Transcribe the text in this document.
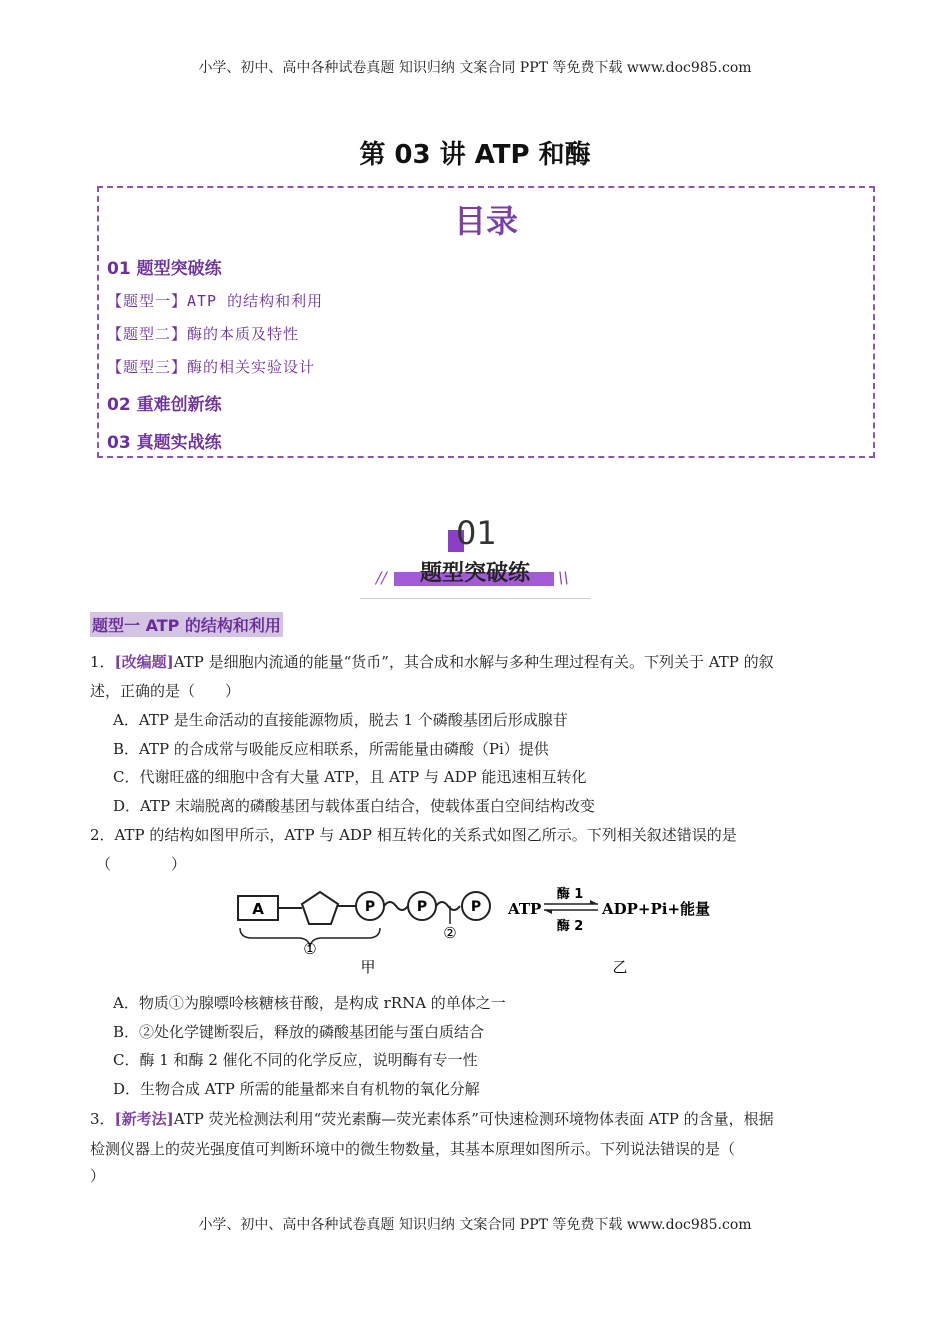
小学、初中、高中各种试卷真题 知识归纳 文案合同 PPT 等免费下载 www.doc985.com
第 03 讲 ATP 和酶
目录
01 题型突破练
【题型一】ATP 的结构和利用
【题型二】酶的本质及特性
【题型三】酶的相关实验设计
02 重难创新练
03 真题实战练
01
//	题型突破练	\\
题型一 ATP 的结构和利用
1．[改编题]ATP 是细胞内流通的能量“货币”，其合成和水解与多种生理过程有关。下列关于 ATP 的叙
述，正确的是（　　）
A．ATP 是生命活动的直接能源物质，脱去 1 个磷酸基团后形成腺苷
B．ATP 的合成常与吸能反应相联系，所需能量由磷酸（Pi）提供
C．代谢旺盛的细胞中含有大量 ATP，且 ATP 与 ADP 能迅速相互转化
D．ATP 末端脱离的磷酸基团与载体蛋白结合，使载体蛋白空间结构改变
2．ATP 的结构如图甲所示，ATP 与 ADP 相互转化的关系式如图乙所示。下列相关叙述错误的是
（　　　　）
A	P	P	P
①
②
甲
ATP
酶 1
酶 2
ADP+Pi+能量
乙
A．物质①为腺嘌呤核糖核苷酸，是构成 rRNA 的单体之一
B．②处化学键断裂后，释放的磷酸基团能与蛋白质结合
C．酶 1 和酶 2 催化不同的化学反应，说明酶有专一性
D．生物合成 ATP 所需的能量都来自有机物的氧化分解
3．[新考法]ATP 荧光检测法利用“荧光素酶—荧光素体系”可快速检测环境物体表面 ATP 的含量，根据
检测仪器上的荧光强度值可判断环境中的微生物数量，其基本原理如图所示。下列说法错误的是（
）
小学、初中、高中各种试卷真题 知识归纳 文案合同 PPT 等免费下载 www.doc985.com
